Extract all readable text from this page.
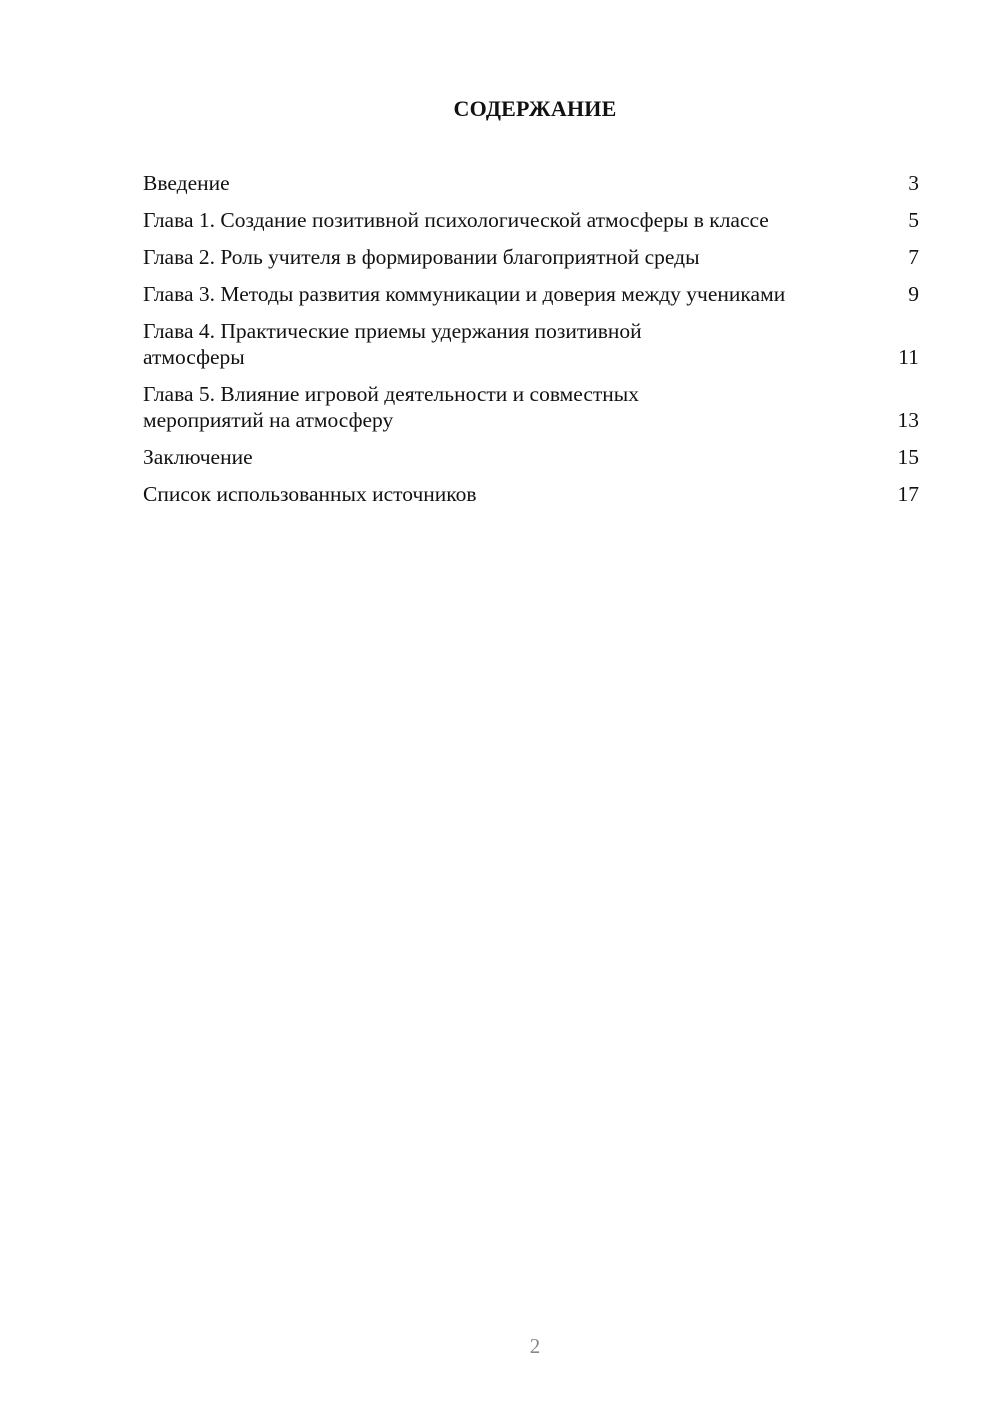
СОДЕРЖАНИЕ
Введение	3
Глава 1. Создание позитивной психологической атмосферы в классе	5
Глава 2. Роль учителя в формировании благоприятной среды	7
Глава 3. Методы развития коммуникации и доверия между учениками	9
Глава 4. Практические приемы удержания позитивной атмосферы	11
Глава 5. Влияние игровой деятельности и совместных мероприятий на атмосферу	13
Заключение	15
Список использованных источников	17
2
